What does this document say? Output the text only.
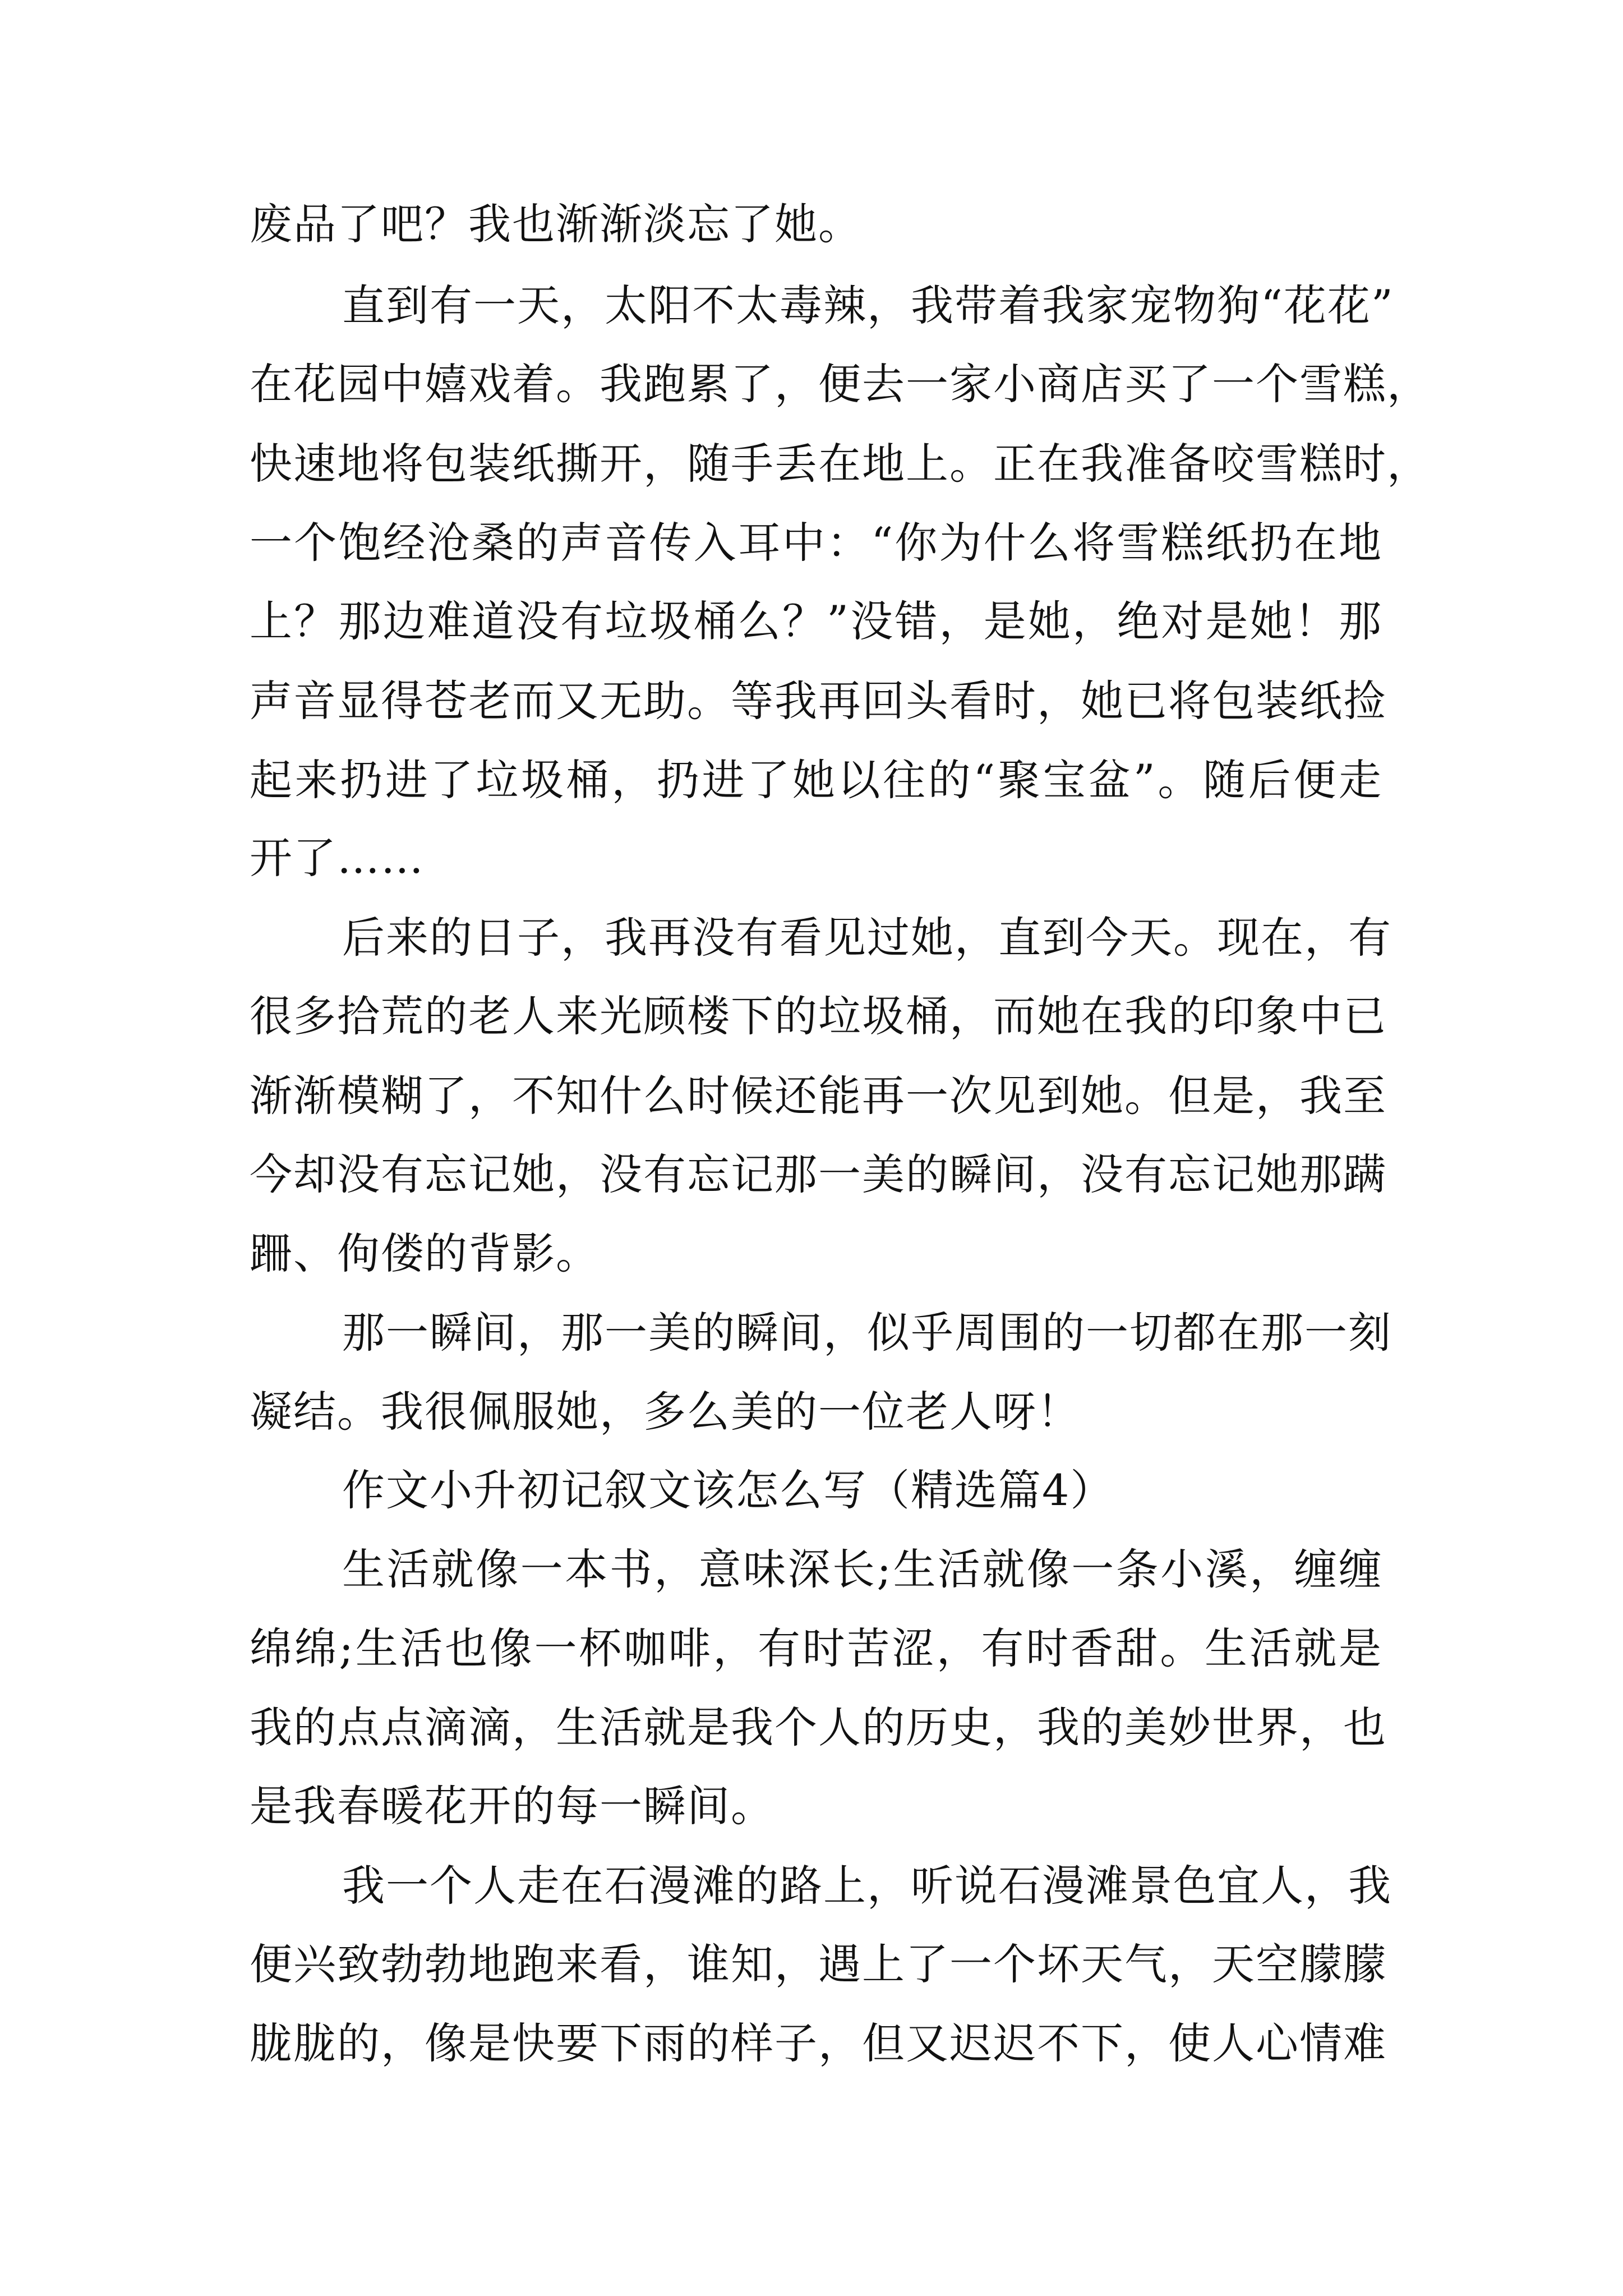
废品了吧？我也渐渐淡忘了她。
直到有一天，太阳不太毒辣，我带着我家宠物狗“花花”
在花园中嬉戏着。我跑累了，便去一家小商店买了一个雪糕，
快速地将包装纸撕开，随手丢在地上。正在我准备咬雪糕时，
一个饱经沧桑的声音传入耳中：“你为什么将雪糕纸扔在地
上？那边难道没有垃圾桶么？”没错，是她，绝对是她！那
声音显得苍老而又无助。等我再回头看时，她已将包装纸捡
起来扔进了垃圾桶，扔进了她以往的“聚宝盆”。随后便走
开了……
后来的日子，我再没有看见过她，直到今天。现在，有
很多拾荒的老人来光顾楼下的垃圾桶，而她在我的印象中已
渐渐模糊了，不知什么时候还能再一次见到她。但是，我至
今却没有忘记她，没有忘记那一美的瞬间，没有忘记她那蹒
跚、佝偻的背影。
那一瞬间，那一美的瞬间，似乎周围的一切都在那一刻
凝结。我很佩服她，多么美的一位老人呀！
作文小升初记叙文该怎么写（精选篇4）
生活就像一本书，意味深长;生活就像一条小溪，缠缠
绵绵;生活也像一杯咖啡，有时苦涩，有时香甜。生活就是
我的点点滴滴，生活就是我个人的历史，我的美妙世界，也
是我春暖花开的每一瞬间。
我一个人走在石漫滩的路上，听说石漫滩景色宜人，我
便兴致勃勃地跑来看，谁知，遇上了一个坏天气，天空朦朦
胧胧的，像是快要下雨的样子，但又迟迟不下，使人心情难
